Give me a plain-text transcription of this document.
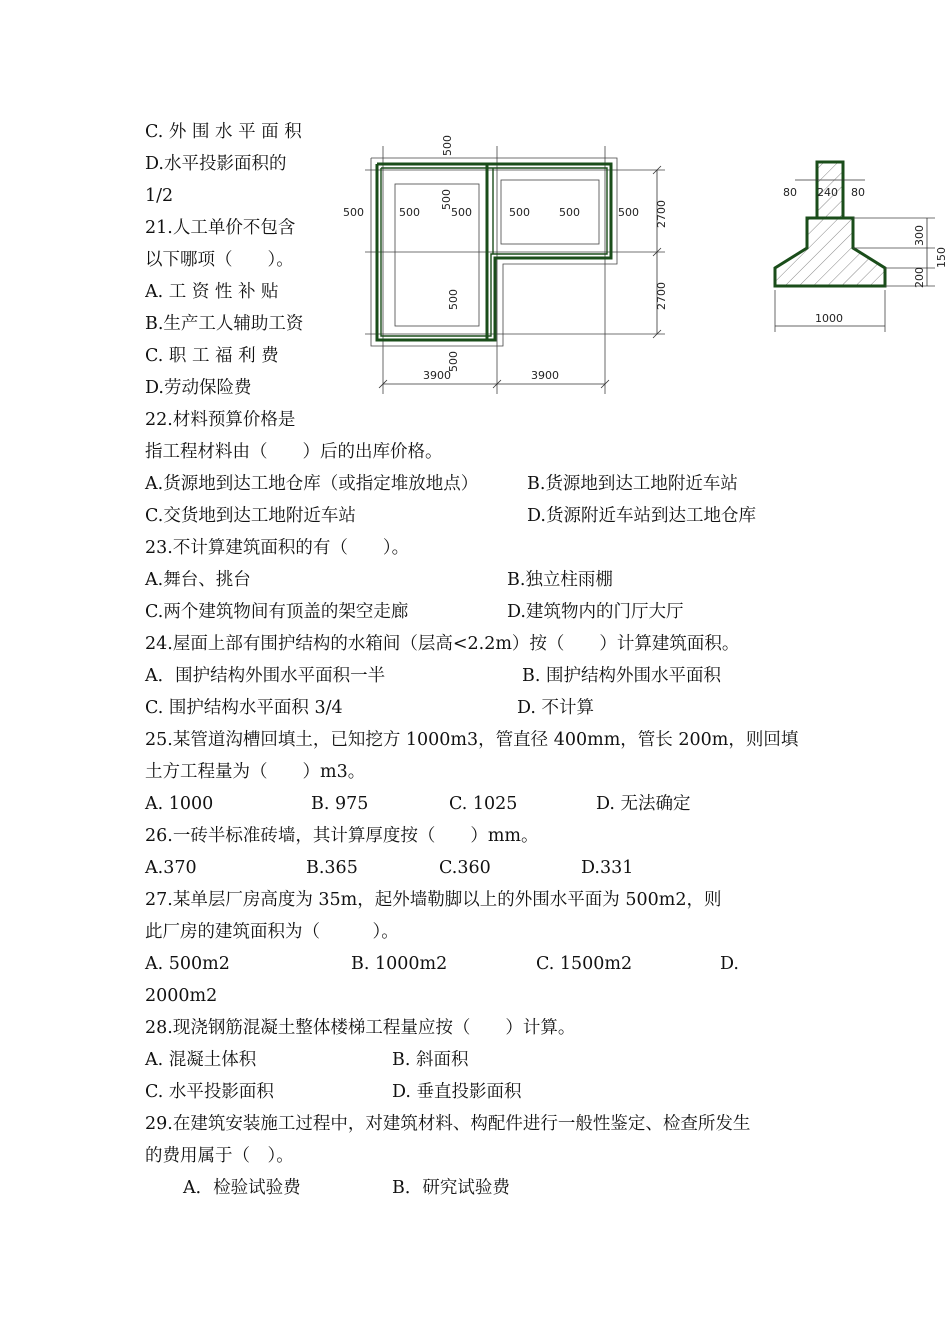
C. 外 围 水 平 面 积
D.水平投影面积的
1/2
21.人工单价不包含
以下哪项（　　）。
A. 工 资 性 补 贴
B.生产工人辅助工资
C. 职 工 福 利 费
D.劳动保险费
22.材料预算价格是
500
500	500	500	500	500	500
500
500
500
2700
2700
3900	3900
80 240 80
300
150
200
1000
指工程材料由（　　）后的出库价格。
A.货源地到达工地仓库（或指定堆放地点）	B.货源地到达工地附近车站
C.交货地到达工地附近车站	D.货源附近车站到达工地仓库
23.不计算建筑面积的有（　　）。
A.舞台、挑台	B.独立柱雨棚
C.两个建筑物间有顶盖的架空走廊	D.建筑物内的门厅大厅
24.屋面上部有围护结构的水箱间（层高<2.2m）按（　　）计算建筑面积。
A．围护结构外围水平面积一半	B. 围护结构外围水平面积
C. 围护结构水平面积 3/4	D. 不计算
25.某管道沟槽回填土，已知挖方 1000m3，管直径 400mm，管长 200m，则回填
土方工程量为（　　）m3。
A. 1000	B. 975	C. 1025	D. 无法确定
26.一砖半标准砖墙，其计算厚度按（　　）mm。
A.370	B.365	C.360	D.331
27.某单层厂房高度为 35m，起外墙勒脚以上的外围水平面为 500m2，则
此厂房的建筑面积为（　　　）。
A. 500m2	B. 1000m2	C. 1500m2	D.
2000m2
28.现浇钢筋混凝土整体楼梯工程量应按（　　）计算。
A. 混凝土体积	B. 斜面积
C. 水平投影面积	D. 垂直投影面积
29.在建筑安装施工过程中，对建筑材料、构配件进行一般性鉴定、检查所发生
的费用属于（　）。
A．检验试验费	B．研究试验费
